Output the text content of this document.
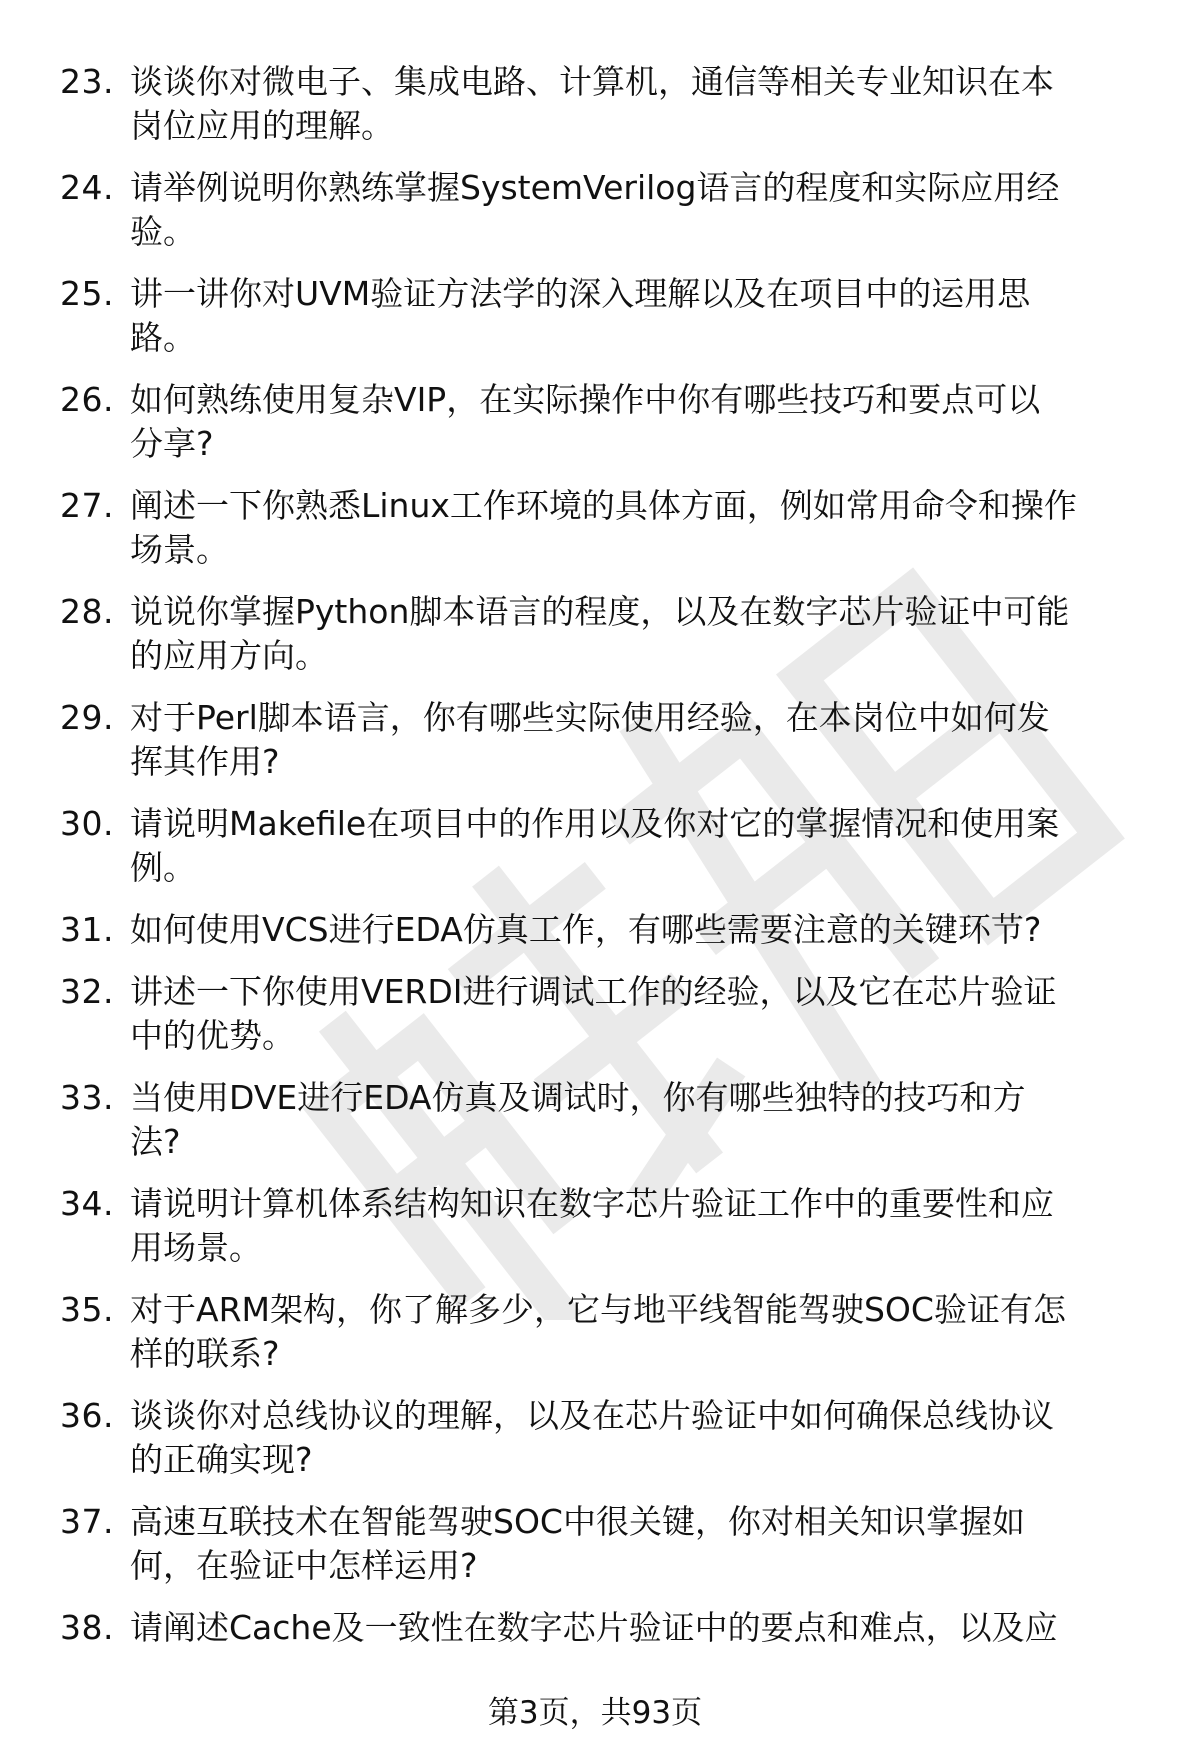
23. 谈谈你对微电子、集成电路、计算机，通信等相关专业知识在本
岗位应用的理解。
24. 请举例说明你熟练掌握SystemVerilog语言的程度和实际应用经
验。
25. 讲一讲你对UVM验证方法学的深入理解以及在项目中的运用思
路。
26. 如何熟练使用复杂VIP，在实际操作中你有哪些技巧和要点可以
分享?
27. 阐述一下你熟悉Linux工作环境的具体方面，例如常用命令和操作
场景。
28. 说说你掌握Python脚本语言的程度，以及在数字芯片验证中可能
的应用方向。
29. 对于Perl脚本语言，你有哪些实际使用经验，在本岗位中如何发
挥其作用?
30. 请说明Makefile在项目中的作用以及你对它的掌握情况和使用案
例。
31. 如何使用VCS进行EDA仿真工作，有哪些需要注意的关键环节?
32. 讲述一下你使用VERDI进行调试工作的经验，以及它在芯片验证
中的优势。
33. 当使用DVE进行EDA仿真及调试时，你有哪些独特的技巧和方
法?
34. 请说明计算机体系结构知识在数字芯片验证工作中的重要性和应
用场景。
35. 对于ARM架构，你了解多少，它与地平线智能驾驶SOC验证有怎
样的联系?
36. 谈谈你对总线协议的理解，以及在芯片验证中如何确保总线协议
的正确实现?
37. 高速互联技术在智能驾驶SOC中很关键，你对相关知识掌握如
何，在验证中怎样运用?
38. 请阐述Cache及一致性在数字芯片验证中的要点和难点，以及应
第3页，共93页
